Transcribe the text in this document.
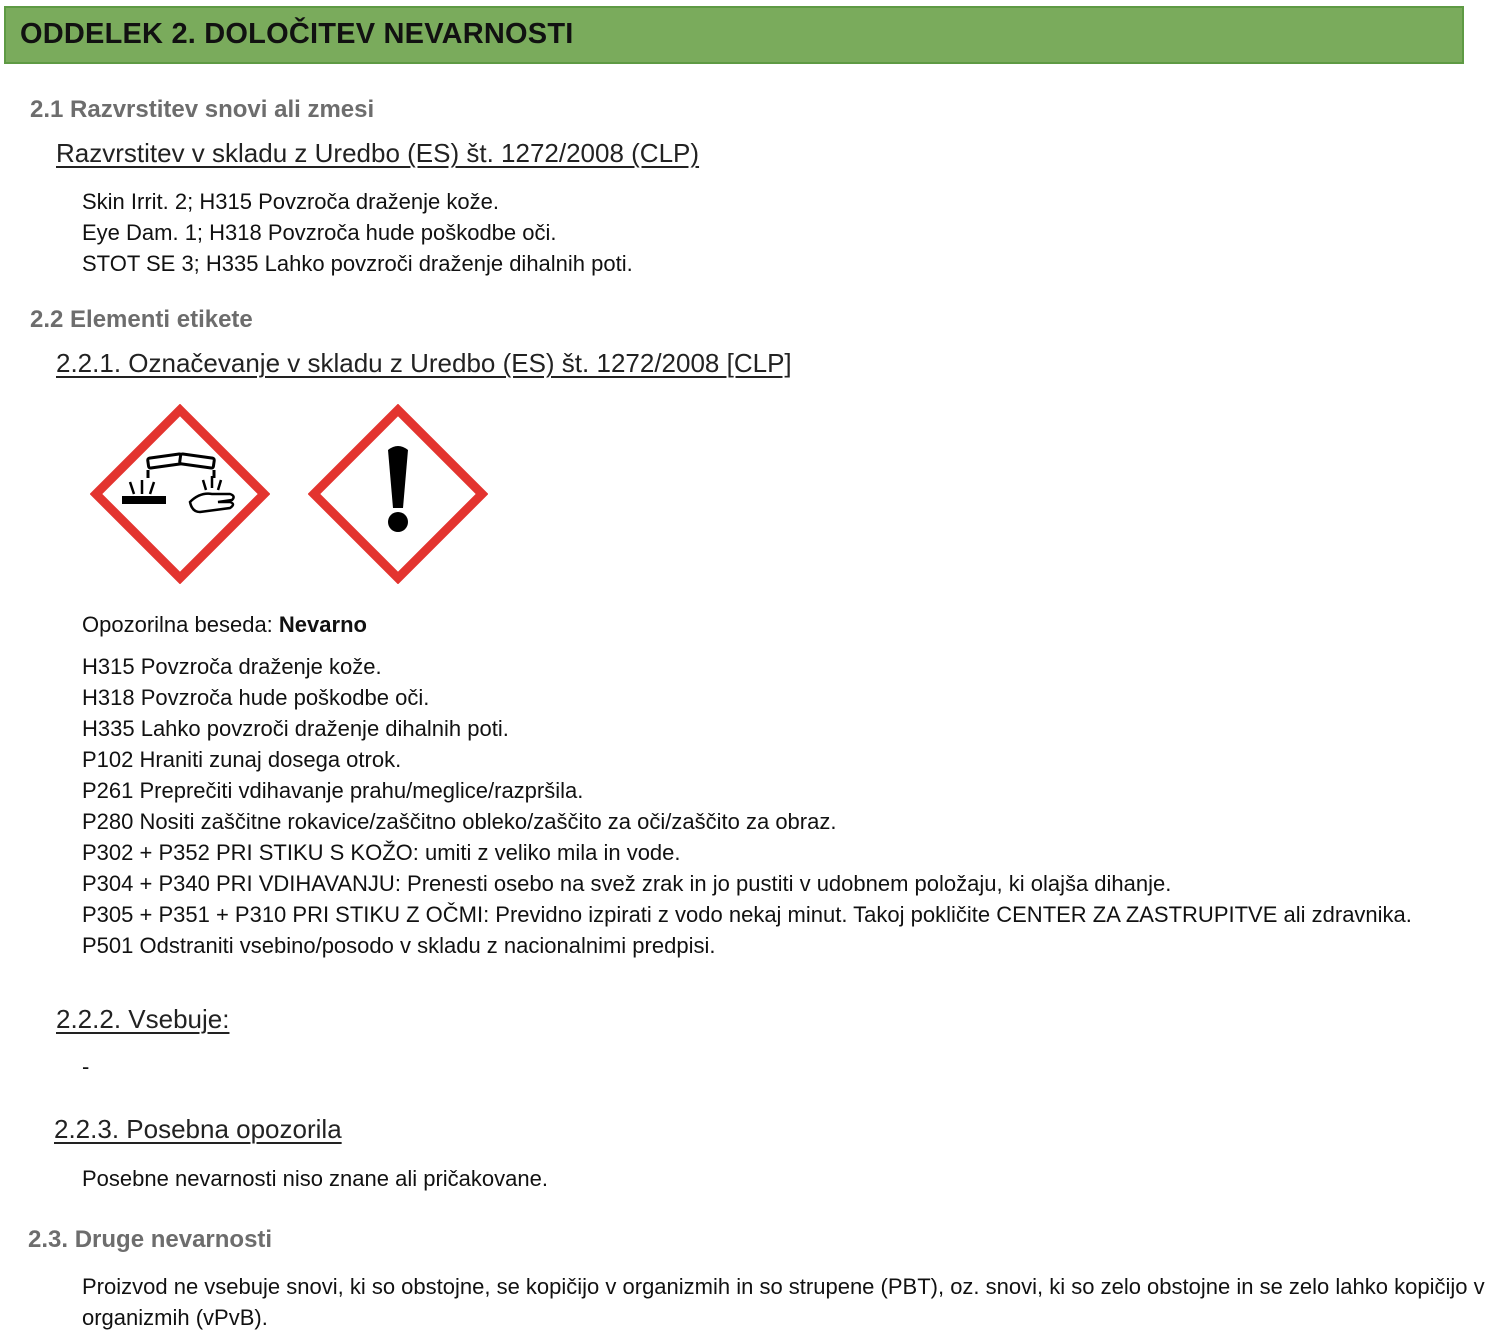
ODDELEK 2. DOLOČITEV NEVARNOSTI
2.1 Razvrstitev snovi ali zmesi
Razvrstitev v skladu z Uredbo (ES) št. 1272/2008 (CLP)
Skin Irrit. 2; H315 Povzroča draženje kože.
Eye Dam. 1; H318 Povzroča hude poškodbe oči.
STOT SE 3; H335 Lahko povzroči draženje dihalnih poti.
2.2 Elementi etikete
2.2.1. Označevanje v skladu z Uredbo (ES) št. 1272/2008 [CLP]
Opozorilna beseda: Nevarno
H315 Povzroča draženje kože.
H318 Povzroča hude poškodbe oči.
H335 Lahko povzroči draženje dihalnih poti.
P102 Hraniti zunaj dosega otrok.
P261 Preprečiti vdihavanje prahu/meglice/razpršila.
P280 Nositi zaščitne rokavice/zaščitno obleko/zaščito za oči/zaščito za obraz.
P302 + P352 PRI STIKU S KOŽO: umiti z veliko mila in vode.
P304 + P340 PRI VDIHAVANJU: Prenesti osebo na svež zrak in jo pustiti v udobnem položaju, ki olajša dihanje.
P305 + P351 + P310 PRI STIKU Z OČMI: Previdno izpirati z vodo nekaj minut. Takoj pokličite CENTER ZA ZASTRUPITVE ali zdravnika.
P501 Odstraniti vsebino/posodo v skladu z nacionalnimi predpisi.
2.2.2. Vsebuje:
-
2.2.3. Posebna opozorila
Posebne nevarnosti niso znane ali pričakovane.
2.3. Druge nevarnosti
Proizvod ne vsebuje snovi, ki so obstojne, se kopičijo v organizmih in so strupene (PBT), oz. snovi, ki so zelo obstojne in se zelo lahko kopičijo v organizmih (vPvB).
